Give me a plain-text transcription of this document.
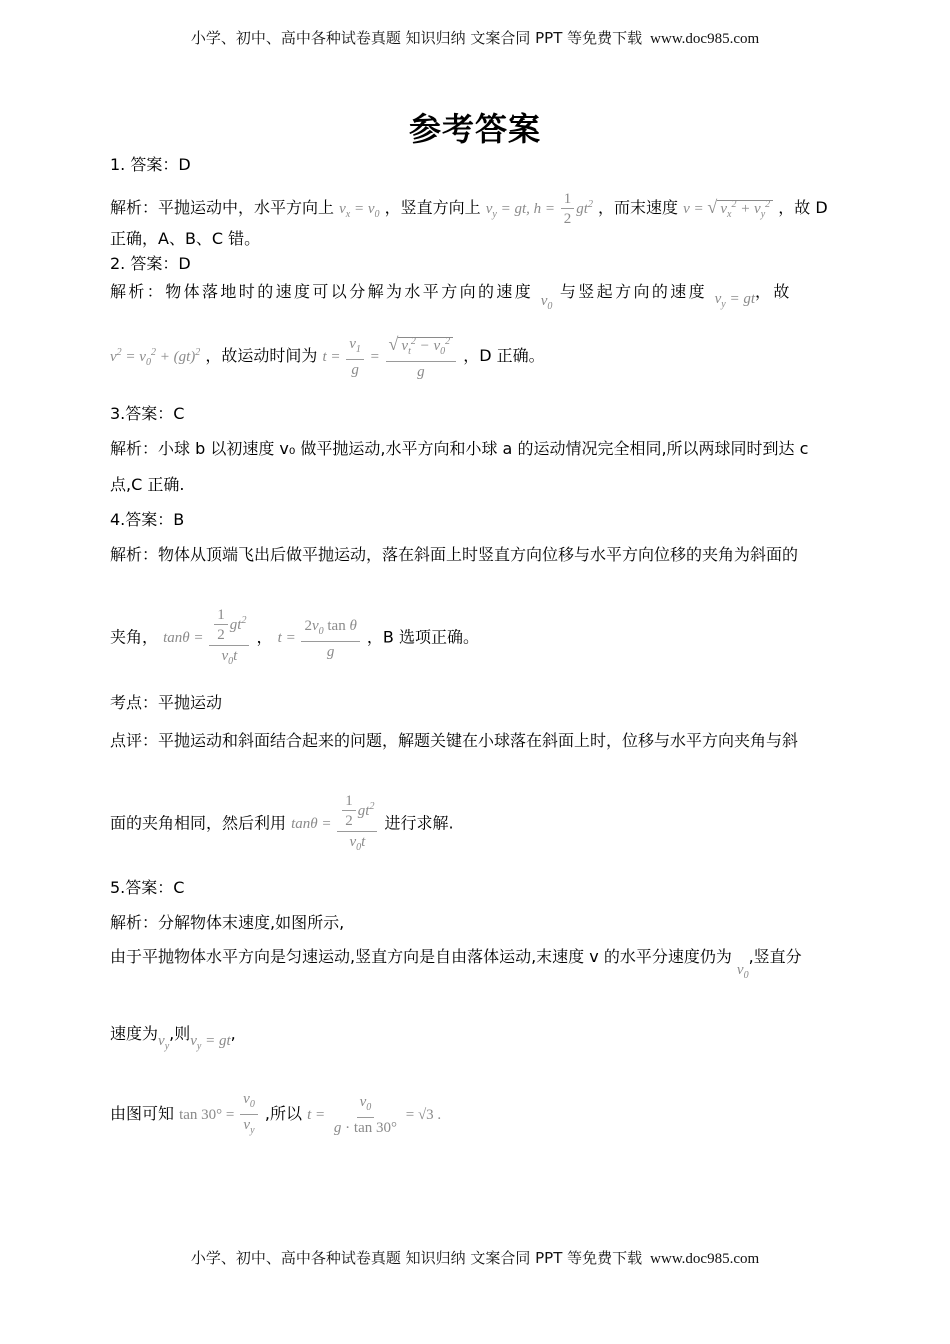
小学、初中、高中各种试卷真题 知识归纳 文案合同 PPT 等免费下载 www.doc985.com
参考答案
1. 答案：D
解析：平抛运动中，水平方向上 $v_x = v_0$ ，竖直方向上 $v_y$ = gt, $h = \frac{1}{2} gt^2$ ，而末速度 v = √ $v_x^2 + v_y^2$ ，故 D
正确，A、B、C 错。
2. 答案：D
解析：物体落地时的速度可以分解为水平方向的速度 $v_0$ 与竖起方向的速度 $v_y$ = gt，故
$v^2 = v_0^2 + (gt)^2$ ，故运动时间为 $t = \frac{v_1}{g} = \frac{√ v_t^2 - v_0^2}{g}$ ，D 正确。
3.答案：C
解析：小球 b 以初速度 v₀ 做平抛运动,水平方向和小球 a 的运动情况完全相同,所以两球同时到达 c
点,C 正确.
4.答案：B
解析：物体从顶端飞出后做平抛运动，落在斜面上时竖直方向位移与水平方向位移的夹角为斜面的
夹角， $\tan\theta = \frac{\frac{1}{2} gt^2}{v_0t}$ ， $t = \frac{2v_0 \tan \theta}{g}$ ，B 选项正确。
考点：平抛运动
点评：平抛运动和斜面结合起来的问题，解题关键在小球落在斜面上时，位移与水平方向夹角与斜
面的夹角相同，然后利用 $\tan\theta = \frac{\frac{1}{2} gt^2}{v_0t}$ 进行求解.
5.答案：C
解析：分解物体末速度,如图所示,
由于平抛物体水平方向是匀速运动,竖直方向是自由落体运动,末速度 v 的水平分速度仍为 $v_0$,竖直分
速度为$v_y$,则$v_y$ = gt,
由图可知 $\tan 30^\circ = \frac{v_0}{v_y}$ ,所以 $t = \frac{v_0}{g \cdot \tan 30^\circ} = √3$ .
小学、初中、高中各种试卷真题 知识归纳 文案合同 PPT 等免费下载 www.doc985.com
